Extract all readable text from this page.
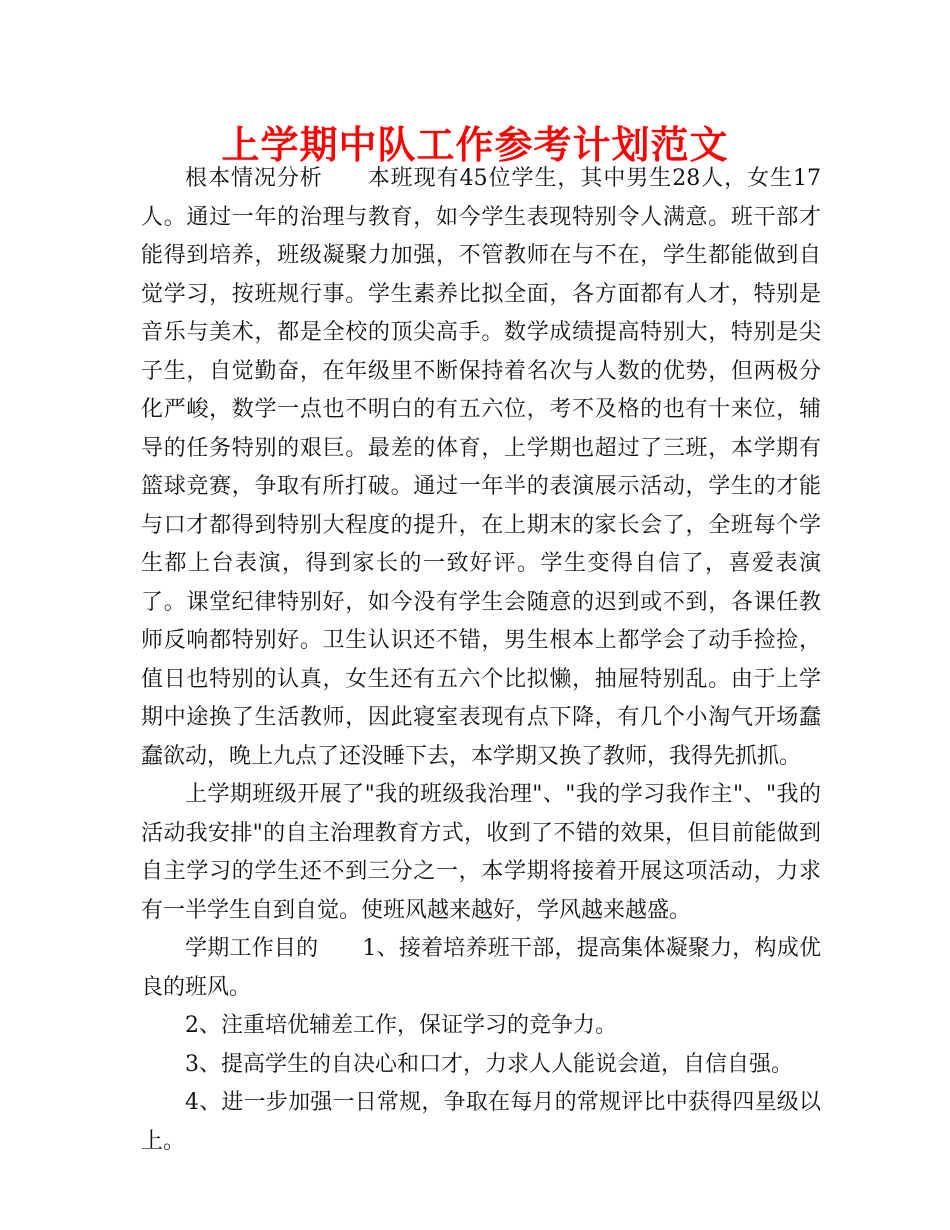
上学期中队工作参考计划范文

根本情况分析 本班现有45位学生，其中男生28人，女生17人。通过一年的治理与教育，如今学生表现特别令人满意。班干部才能得到培养，班级凝聚力加强，不管教师在与不在，学生都能做到自觉学习，按班规行事。学生素养比拟全面，各方面都有人才，特别是音乐与美术，都是全校的顶尖高手。数学成绩提高特别大，特别是尖子生，自觉勤奋，在年级里不断保持着名次与人数的优势，但两极分化严峻，数学一点也不明白的有五六位，考不及格的也有十来位，辅导的任务特别的艰巨。最差的体育，上学期也超过了三班，本学期有篮球竞赛，争取有所打破。通过一年半的表演展示活动，学生的才能与口才都得到特别大程度的提升，在上期末的家长会了，全班每个学生都上台表演，得到家长的一致好评。学生变得自信了，喜爱表演了。课堂纪律特别好，如今没有学生会随意的迟到或不到，各课任教师反响都特别好。卫生认识还不错，男生根本上都学会了动手捡捡，值日也特别的认真，女生还有五六个比拟懒，抽屉特别乱。由于上学期中途换了生活教师，因此寝室表现有点下降，有几个小淘气开场蠢蠢欲动，晚上九点了还没睡下去，本学期又换了教师，我得先抓抓。

上学期班级开展了"我的班级我治理"、"我的学习我作主"、"我的活动我安排"的自主治理教育方式，收到了不错的效果，但目前能做到自主学习的学生还不到三分之一，本学期将接着开展这项活动，力求有一半学生自到自觉。使班风越来越好，学风越来越盛。

学期工作目的 1、接着培养班干部，提高集体凝聚力，构成优良的班风。

2、注重培优辅差工作，保证学习的竞争力。

3、提高学生的自决心和口才，力求人人能说会道，自信自强。

4、进一步加强一日常规，争取在每月的常规评比中获得四星级以上。
